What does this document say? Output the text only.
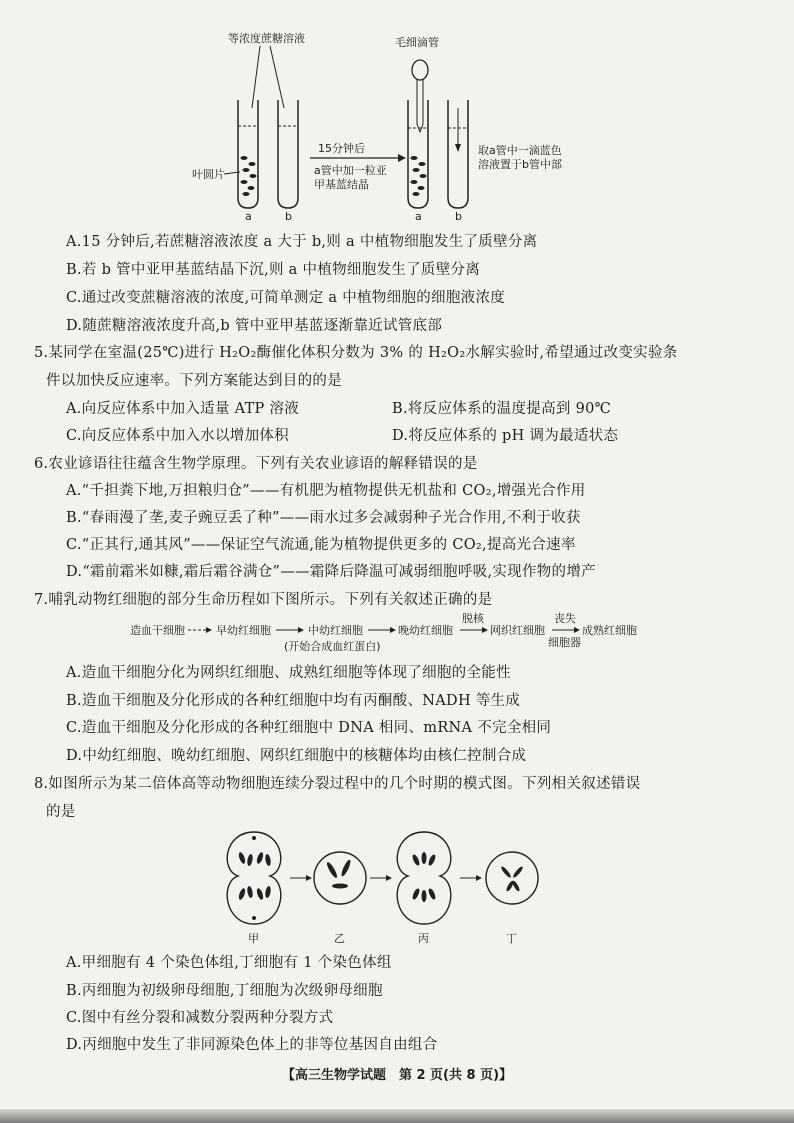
等浓度蔗糖溶液
叶圆片
a	b
15分钟后
a管中加一粒亚
甲基蓝结晶
毛细滴管
a	b
取a管中一滴蓝色
溶液置于b管中部
A.15 分钟后,若蔗糖溶液浓度 a 大于 b,则 a 中植物细胞发生了质壁分离
B.若 b 管中亚甲基蓝结晶下沉,则 a 中植物细胞发生了质壁分离
C.通过改变蔗糖溶液的浓度,可简单测定 a 中植物细胞的细胞液浓度
D.随蔗糖溶液浓度升高,b 管中亚甲基蓝逐渐靠近试管底部
5.某同学在室温(25℃)进行 H₂O₂酶催化体积分数为 3% 的 H₂O₂水解实验时,希望通过改变实验条
件以加快反应速率。下列方案能达到目的的是
A.向反应体系中加入适量 ATP 溶液	B.将反应体系的温度提高到 90℃
C.向反应体系中加入水以增加体积	D.将反应体系的 pH 调为最适状态
6.农业谚语往往蕴含生物学原理。下列有关农业谚语的解释错误的是
A.“千担粪下地,万担粮归仓”——有机肥为植物提供无机盐和 CO₂,增强光合作用
B.“春雨漫了垄,麦子豌豆丢了种”——雨水过多会减弱种子光合作用,不利于收获
C.“正其行,通其风”——保证空气流通,能为植物提供更多的 CO₂,提高光合速率
D.“霜前霜米如糠,霜后霜谷满仓”——霜降后降温可减弱细胞呼吸,实现作物的增产
7.哺乳动物红细胞的部分生命历程如下图所示。下列有关叙述正确的是
造血干细胞	早幼红细胞	中幼红细胞
(开始合成血红蛋白)
晚幼红细胞
脱核
网织红细胞
丧失
细胞器
成熟红细胞
A.造血干细胞分化为网织红细胞、成熟红细胞等体现了细胞的全能性
B.造血干细胞及分化形成的各种红细胞中均有丙酮酸、NADH 等生成
C.造血干细胞及分化形成的各种红细胞中 DNA 相同、mRNA 不完全相同
D.中幼红细胞、晚幼红细胞、网织红细胞中的核糖体均由核仁控制合成
8.如图所示为某二倍体高等动物细胞连续分裂过程中的几个时期的模式图。下列相关叙述错误
的是
甲	乙	丙	丁
A.甲细胞有 4 个染色体组,丁细胞有 1 个染色体组
B.丙细胞为初级卵母细胞,丁细胞为次级卵母细胞
C.图中有丝分裂和减数分裂两种分裂方式
D.丙细胞中发生了非同源染色体上的非等位基因自由组合
【高三生物学试题　第 2 页(共 8 页)】
